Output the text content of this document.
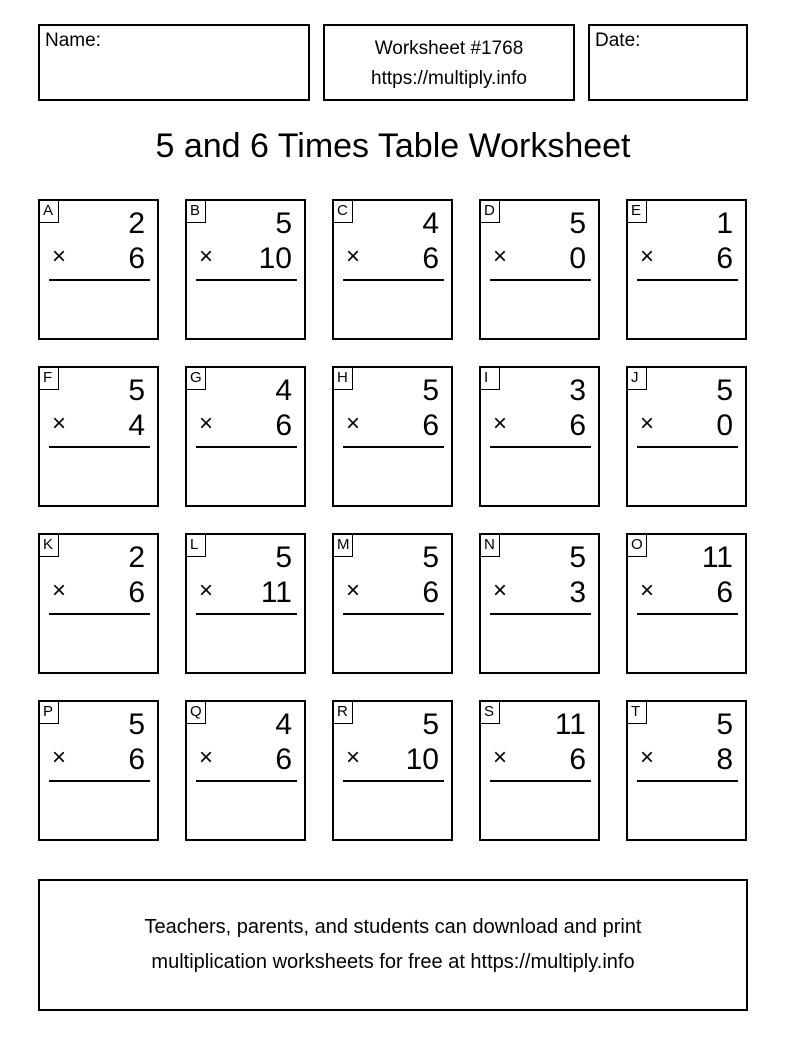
Name:	Worksheet #1768
https://multiply.info
Date:
5 and 6 Times Table Worksheet
A	2
× 6
B	5
× 10
C 4
× 6
D 5
× 0
E	1
× 6
F	5
× 4
G 4
× 6
H 5
× 6
I	3
× 6
J	5
× 0
K	2
× 6
L	5
× 11
M 5
× 6
N 5
× 3
O 11
× 6
P	5
× 6
Q 4
× 6
R 5
× 10
S 11
× 6
T	5
× 8
Teachers, parents, and students can download and print
multiplication worksheets for free at https://multiply.info
